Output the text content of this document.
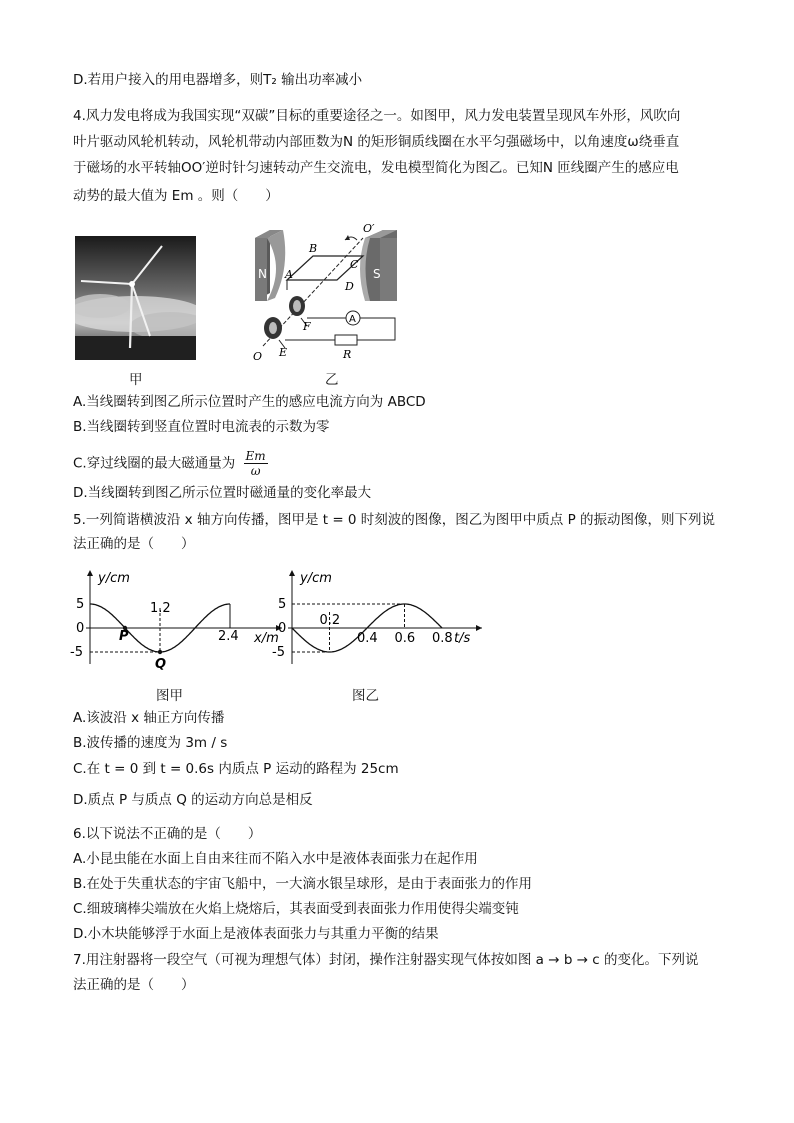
D.若用户接入的用电器增多，则T₂ 输出功率减小
4.风力发电将成为我国实现“双碳”目标的重要途径之一。如图甲，风力发电装置呈现风车外形，风吹向
叶片驱动风轮机转动，风轮机带动内部匝数为N 的矩形铜质线圈在水平匀强磁场中，以角速度ω绕垂直
于磁场的水平转轴OO′逆时针匀速转动产生交流电，发电模型简化为图乙。已知N 匝线圈产生的感应电
动势的最大值为 Em 。则（　　）
N	S
A
A
B
C
D
O
O′
E
F
R
甲	乙
A.当线圈转到图乙所示位置时产生的感应电流方向为 ABCD
B.当线圈转到竖直位置时电流表的示数为零
C.穿过线圈的最大磁通量为 $\frac{Em}{\omega}$
D.当线圈转到图乙所示位置时磁通量的变化率最大
5.一列简谐横波沿 x 轴方向传播，图甲是 t = 0 时刻波的图像，图乙为图甲中质点 P 的振动图像，则下列说
法正确的是（　　）
y/cm
x/m
5
0
-5
P
Q
1.2
2.4
y/cm
t/s
5
0
-5
0.2
0.4 0.6 0.8
图甲	图乙
A.该波沿 x 轴正方向传播
B.波传播的速度为 3m / s
C.在 t = 0 到 t = 0.6s 内质点 P 运动的路程为 25cm
D.质点 P 与质点 Q 的运动方向总是相反
6.以下说法不正确的是（　　）
A.小昆虫能在水面上自由来往而不陷入水中是液体表面张力在起作用
B.在处于失重状态的宇宙飞船中，一大滴水银呈球形，是由于表面张力的作用
C.细玻璃棒尖端放在火焰上烧熔后，其表面受到表面张力作用使得尖端变钝
D.小木块能够浮于水面上是液体表面张力与其重力平衡的结果
7.用注射器将一段空气（可视为理想气体）封闭，操作注射器实现气体按如图 a → b → c 的变化。下列说
法正确的是（　　）
